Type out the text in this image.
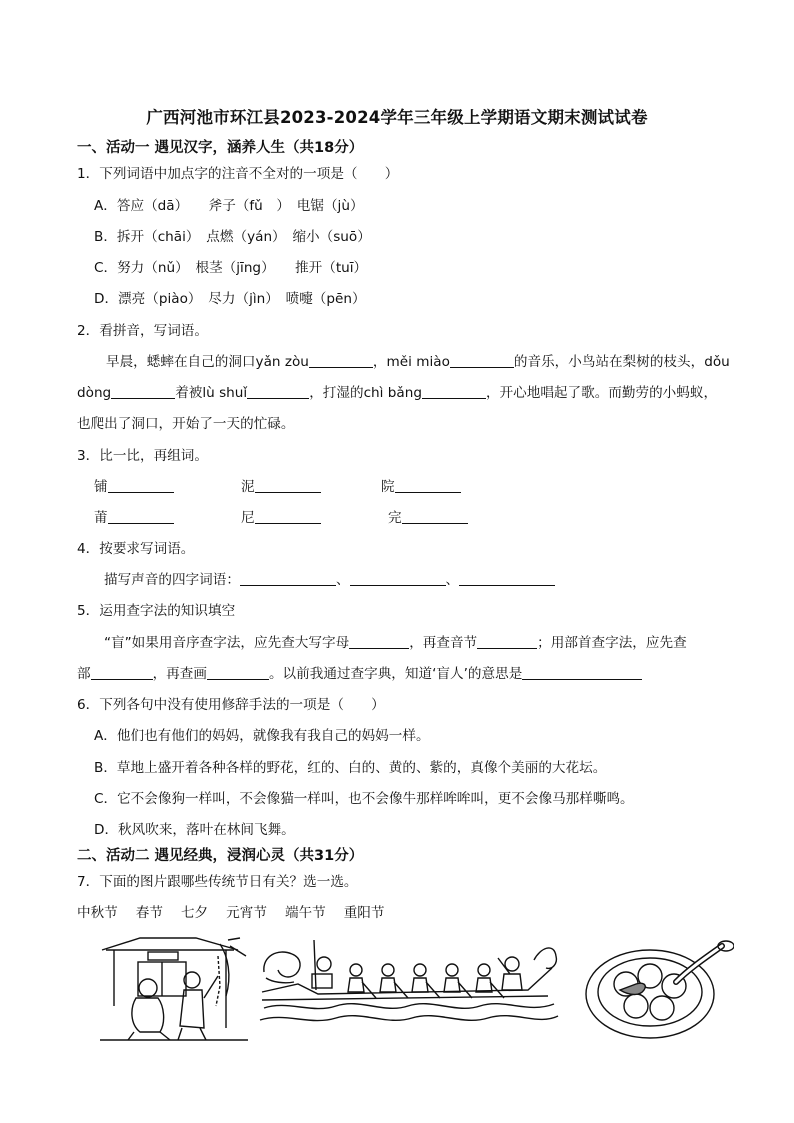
广西河池市环江县2023-2024学年三年级上学期语文期末测试试卷
一、活动一 遇见汉字，涵养人生（共18分）
1．下列词语中加点字的注音不全对的一项是（　　）
A．答应（dā）　　斧子（fǔ　）　电锯（jù）
B．拆开（chāi）　点燃（yán）　缩小（suō）
C．努力（nǔ）　根茎（jīng）　　推开（tuī）
D．漂亮（piào）　尽力（jìn）　喷嚏（pēn）
2．看拼音，写词语。
早晨，蟋蟀在自己的洞口yǎn zòu	，měi miào	的音乐，小鸟站在梨树的枝头，dǒu
dòng	着被lù shuǐ	，打湿的chì bǎng	，开心地唱起了歌。而勤劳的小蚂蚁，
也爬出了洞口，开始了一天的忙碌。
3．比一比，再组词。
铺	泥	院
莆	尼	完
4．按要求写词语。
描写声音的四字词语：	、	、
5．运用查字法的知识填空
“盲”如果用音序查字法，应先查大写字母	，再查音节	；用部首查字法，应先查
部	，再查画	。以前我通过查字典，知道‘盲人’的意思是
6．下列各句中没有使用修辞手法的一项是（　　）
A．他们也有他们的妈妈，就像我有我自己的妈妈一样。
B．草地上盛开着各种各样的野花，红的、白的、黄的、紫的，真像个美丽的大花坛。
C．它不会像狗一样叫，不会像猫一样叫，也不会像牛那样哞哞叫，更不会像马那样嘶鸣。
D．秋风吹来，落叶在林间飞舞。
二、活动二 遇见经典，浸润心灵（共31分）
7．下面的图片跟哪些传统节日有关？选一选。
中秋节 春节 七夕 元宵节 端午节 重阳节
